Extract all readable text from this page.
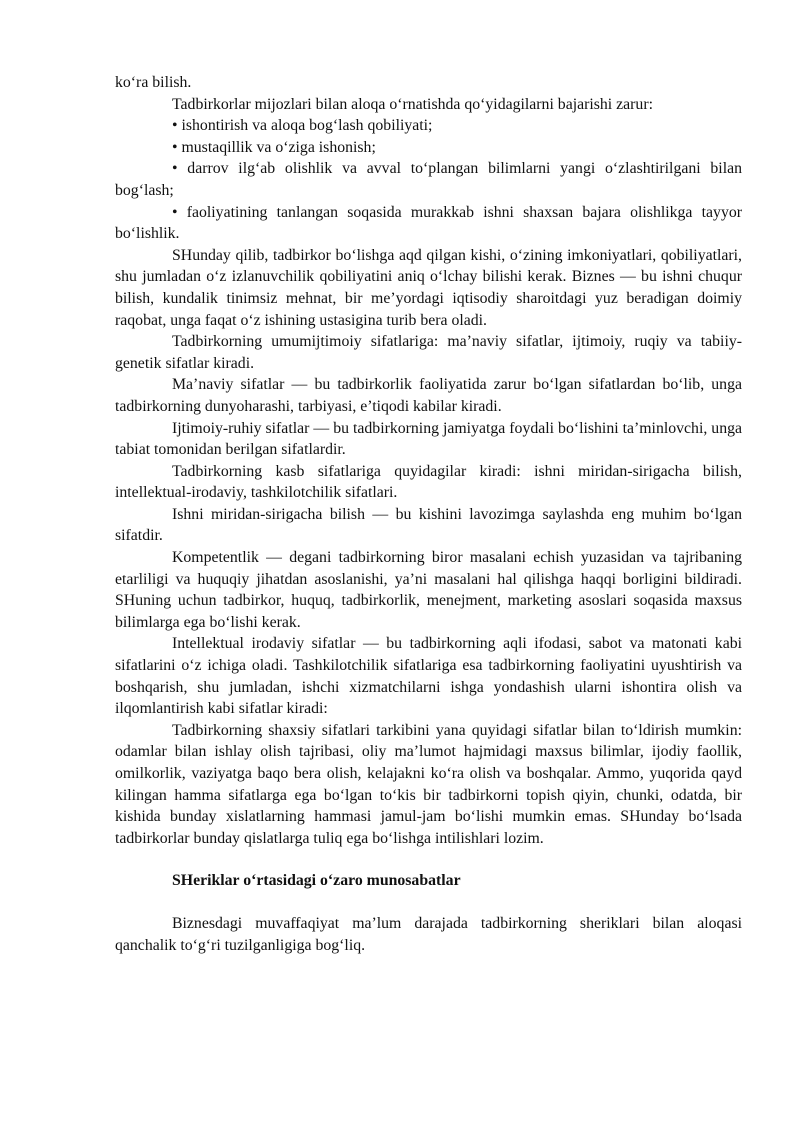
ko‘ra bilish.

Tadbirkorlar mijozlari bilan aloqa o‘rnatishda qo‘yidagilarni bajarishi zarur:

• ishontirish va aloqa bog‘lash qobiliyati;

• mustaqillik va o‘ziga ishonish;

• darrov ilg‘ab olishlik va avval to‘plangan bilimlarni yangi o‘zlashtirilgani bilan bog‘lash;

• faoliyatining tanlangan soqasida murakkab ishni shaxsan bajara olishlikga tayyor bo‘lishlik.

SHunday qilib, tadbirkor bo‘lishga aqd qilgan kishi, o‘zining imkoniyatlari, qobiliyatlari, shu jumladan o‘z izlanuvchilik qobiliyatini aniq o‘lchay bilishi kerak. Biznes — bu ishni chuqur bilish, kundalik tinimsiz mehnat, bir me’yordagi iqtisodiy sharoitdagi yuz beradigan doimiy raqobat, unga faqat o‘z ishining ustasigina turib bera oladi.

Tadbirkorning umumijtimoiy sifatlariga: ma’naviy sifatlar, ijtimoiy, ruqiy va tabiiy-genetik sifatlar kiradi.

Ma’naviy sifatlar — bu tadbirkorlik faoliyatida zarur bo‘lgan sifatlardan bo‘lib, unga tadbirkorning dunyoharashi, tarbiyasi, e’tiqodi kabilar kiradi.

Ijtimoiy-ruhiy sifatlar — bu tadbirkorning jamiyatga foydali bo‘lishini ta’minlovchi, unga tabiat tomonidan berilgan sifatlardir.

Tadbirkorning kasb sifatlariga quyidagilar kiradi: ishni miridan-sirigacha bilish, intellektual-irodaviy, tashkilotchilik sifatlari.

Ishni miridan-sirigacha bilish — bu kishini lavozimga saylashda eng muhim bo‘lgan sifatdir.

Kompetentlik — degani tadbirkorning biror masalani echish yuzasidan va tajribaning etarliligi va huquqiy jihatdan asoslanishi, ya’ni masalani hal qilishga haqqi borligini bildiradi. SHuning uchun tadbirkor, huquq, tadbirkorlik, menejment, marketing asoslari soqasida maxsus bilimlarga ega bo‘lishi kerak.

Intellektual irodaviy sifatlar — bu tadbirkorning aqli ifodasi, sabot va matonati kabi sifatlarini o‘z ichiga oladi. Tashkilotchilik sifatlariga esa tadbirkorning faoliyatini uyushtirish va boshqarish, shu jumladan, ishchi xizmatchilarni ishga yondashish ularni ishontira olish va ilqomlantirish kabi sifatlar kiradi:

Tadbirkorning shaxsiy sifatlari tarkibini yana quyidagi sifatlar bilan to‘ldirish mumkin: odamlar bilan ishlay olish tajribasi, oliy ma’lumot hajmidagi maxsus bilimlar, ijodiy faollik, omilkorlik, vaziyatga baqo bera olish, kelajakni ko‘ra olish va boshqalar. Ammo, yuqorida qayd kilingan hamma sifatlarga ega bo‘lgan to‘kis bir tadbirkorni topish qiyin, chunki, odatda, bir kishida bunday xislatlarning hammasi jamul-jam bo‘lishi mumkin emas. SHunday bo‘lsada tadbirkorlar bunday qislatlarga tuliq ega bo‘lishga intilishlari lozim.

SHeriklar o‘rtasidagi o‘zaro munosabatlar

Biznesdagi muvaffaqiyat ma’lum darajada tadbirkorning sheriklari bilan aloqasi qanchalik to‘g‘ri tuzilganligiga bog‘liq.
